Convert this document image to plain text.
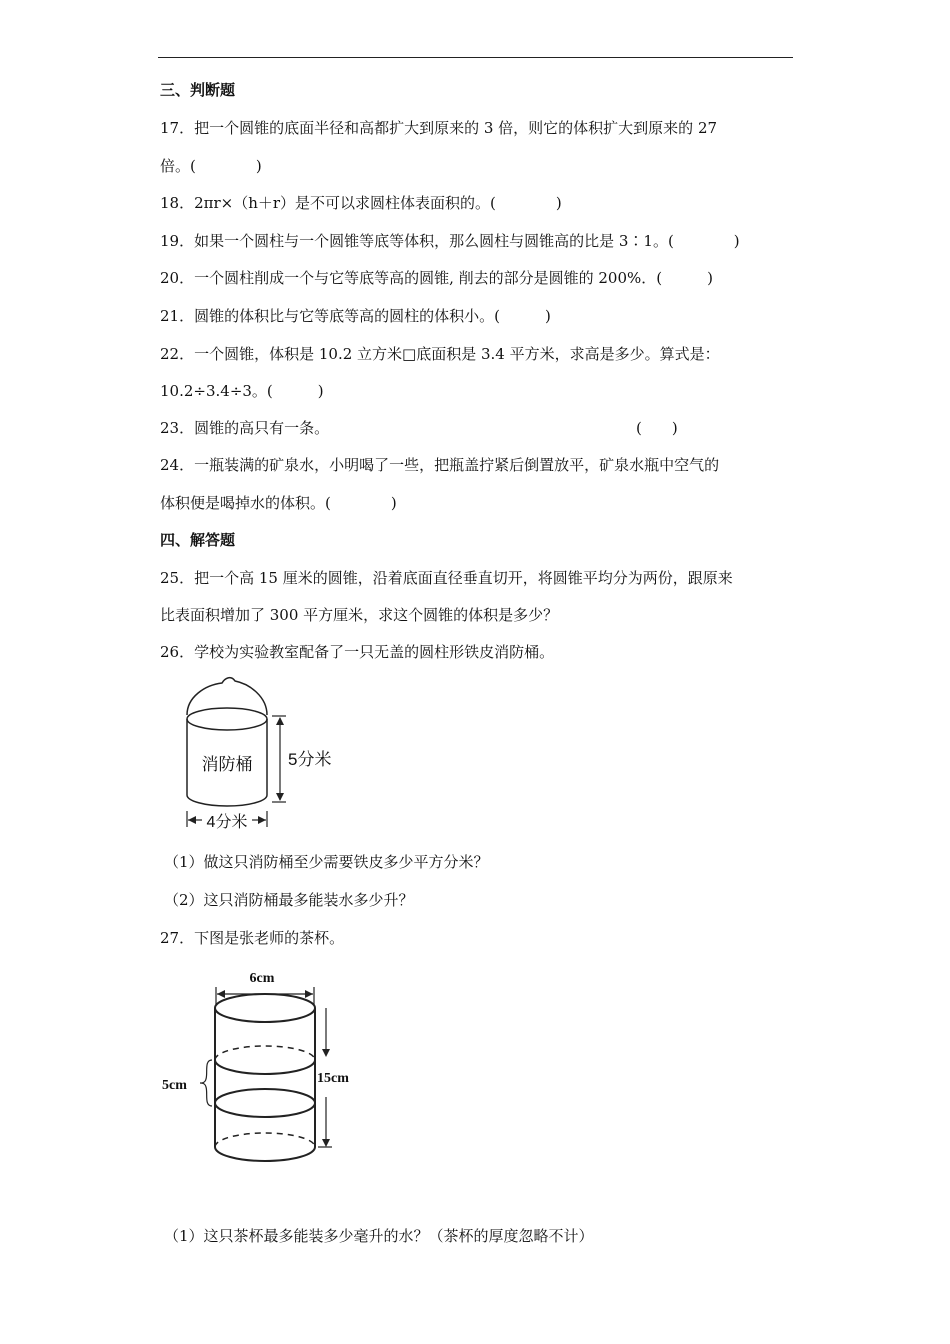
三、判断题
17．把一个圆锥的底面半径和高都扩大到原来的 3 倍，则它的体积扩大到原来的 27
倍。(　　　　)
18．2πr×（h＋r）是不可以求圆柱体表面积的。(　　　　)
19．如果一个圆柱与一个圆锥等底等体积，那么圆柱与圆锥高的比是 3∶1。(　　　　)
20．一个圆柱削成一个与它等底等高的圆锥, 削去的部分是圆锥的 200%．(　　　)
21．圆锥的体积比与它等底等高的圆柱的体积小。(　　　)
22．一个圆锥，体积是 10.2 立方米□底面积是 3.4 平方米，求高是多少。算式是：
10.2÷3.4÷3。(　　　)
23．圆锥的高只有一条。	(　　)
24．一瓶装满的矿泉水，小明喝了一些，把瓶盖拧紧后倒置放平，矿泉水瓶中空气的
体积便是喝掉水的体积。(　　　　)
四、解答题
25．把一个高 15 厘米的圆锥，沿着底面直径垂直切开，将圆锥平均分为两份，跟原来
比表面积增加了 300 平方厘米，求这个圆锥的体积是多少？
26．学校为实验教室配备了一只无盖的圆柱形铁皮消防桶。
消防桶 5分米
4分米
（1）做这只消防桶至少需要铁皮多少平方分米？
（2）这只消防桶最多能装水多少升？
27．下图是张老师的茶杯。
6cm
15cm
5cm
（1）这只茶杯最多能装多少毫升的水？（茶杯的厚度忽略不计）
